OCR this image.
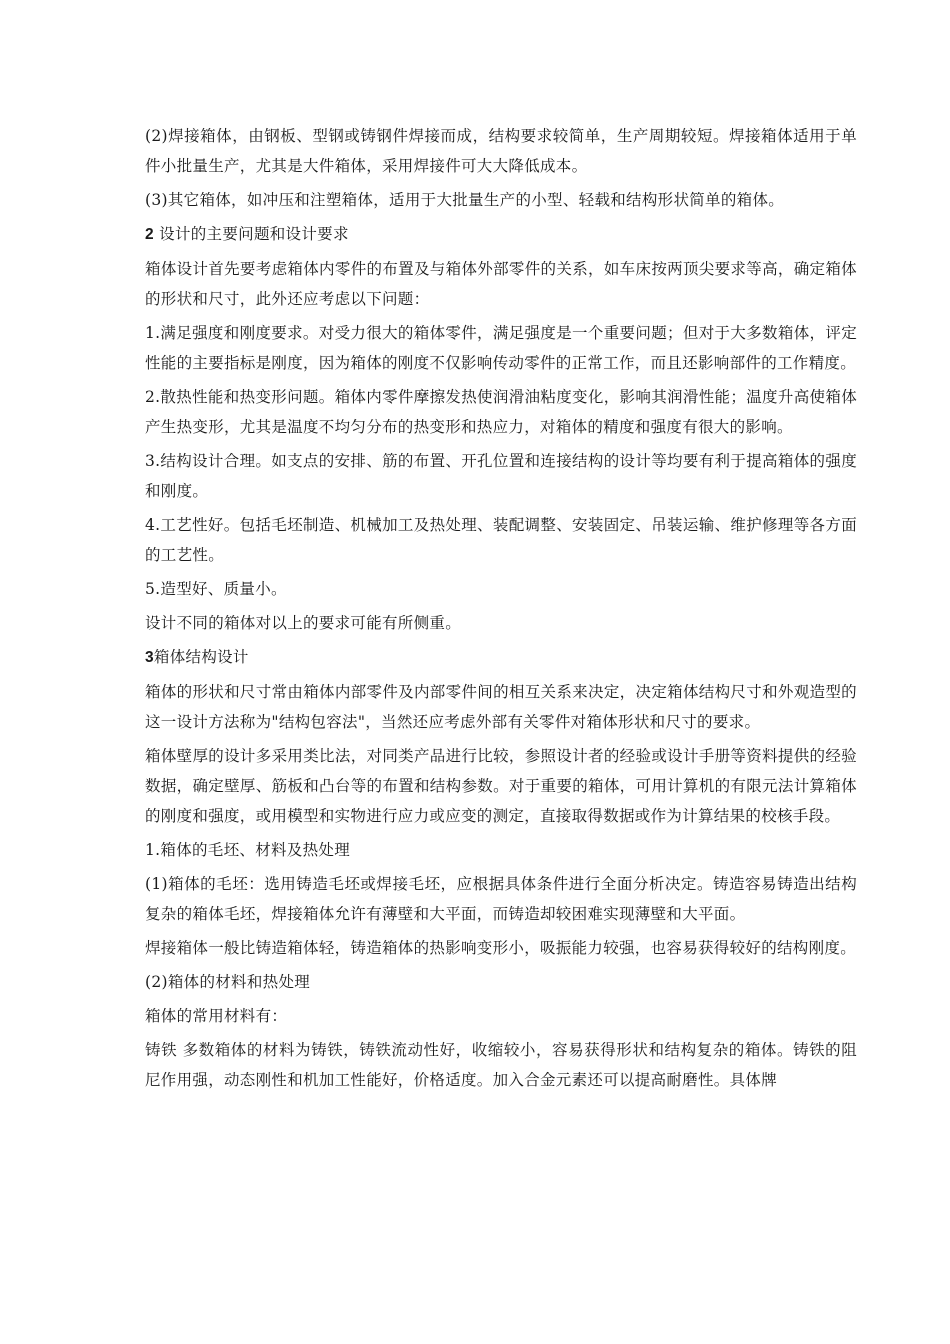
(2)焊接箱体，由钢板、型钢或铸钢件焊接而成，结构要求较简单，生产周期较短。焊接箱体适用于单件小批量生产，尤其是大件箱体，采用焊接件可大大降低成本。

(3)其它箱体，如冲压和注塑箱体，适用于大批量生产的小型、轻载和结构形状简单的箱体。

2 设计的主要问题和设计要求

箱体设计首先要考虑箱体内零件的布置及与箱体外部零件的关系，如车床按两顶尖要求等高，确定箱体的形状和尺寸，此外还应考虑以下问题：

1.满足强度和刚度要求。对受力很大的箱体零件，满足强度是一个重要问题；但对于大多数箱体，评定性能的主要指标是刚度，因为箱体的刚度不仅影响传动零件的正常工作，而且还影响部件的工作精度。

2.散热性能和热变形问题。箱体内零件摩擦发热使润滑油粘度变化，影响其润滑性能；温度升高使箱体产生热变形，尤其是温度不均匀分布的热变形和热应力，对箱体的精度和强度有很大的影响。

3.结构设计合理。如支点的安排、筋的布置、开孔位置和连接结构的设计等均要有利于提高箱体的强度和刚度。

4.工艺性好。包括毛坯制造、机械加工及热处理、装配调整、安装固定、吊装运输、维护修理等各方面的工艺性。

5.造型好、质量小。

设计不同的箱体对以上的要求可能有所侧重。

3箱体结构设计

箱体的形状和尺寸常由箱体内部零件及内部零件间的相互关系来决定，决定箱体结构尺寸和外观造型的这一设计方法称为"结构包容法"，当然还应考虑外部有关零件对箱体形状和尺寸的要求。

箱体壁厚的设计多采用类比法，对同类产品进行比较，参照设计者的经验或设计手册等资料提供的经验数据，确定壁厚、筋板和凸台等的布置和结构参数。对于重要的箱体，可用计算机的有限元法计算箱体的刚度和强度，或用模型和实物进行应力或应变的测定，直接取得数据或作为计算结果的校核手段。

1.箱体的毛坯、材料及热处理

(1)箱体的毛坯：选用铸造毛坯或焊接毛坯，应根据具体条件进行全面分析决定。铸造容易铸造出结构复杂的箱体毛坯，焊接箱体允许有薄壁和大平面，而铸造却较困难实现薄壁和大平面。

焊接箱体一般比铸造箱体轻，铸造箱体的热影响变形小，吸振能力较强，也容易获得较好的结构刚度。

(2)箱体的材料和热处理

箱体的常用材料有：

铸铁 多数箱体的材料为铸铁，铸铁流动性好，收缩较小，容易获得形状和结构复杂的箱体。铸铁的阻尼作用强，动态刚性和机加工性能好，价格适度。加入合金元素还可以提高耐磨性。具体牌
